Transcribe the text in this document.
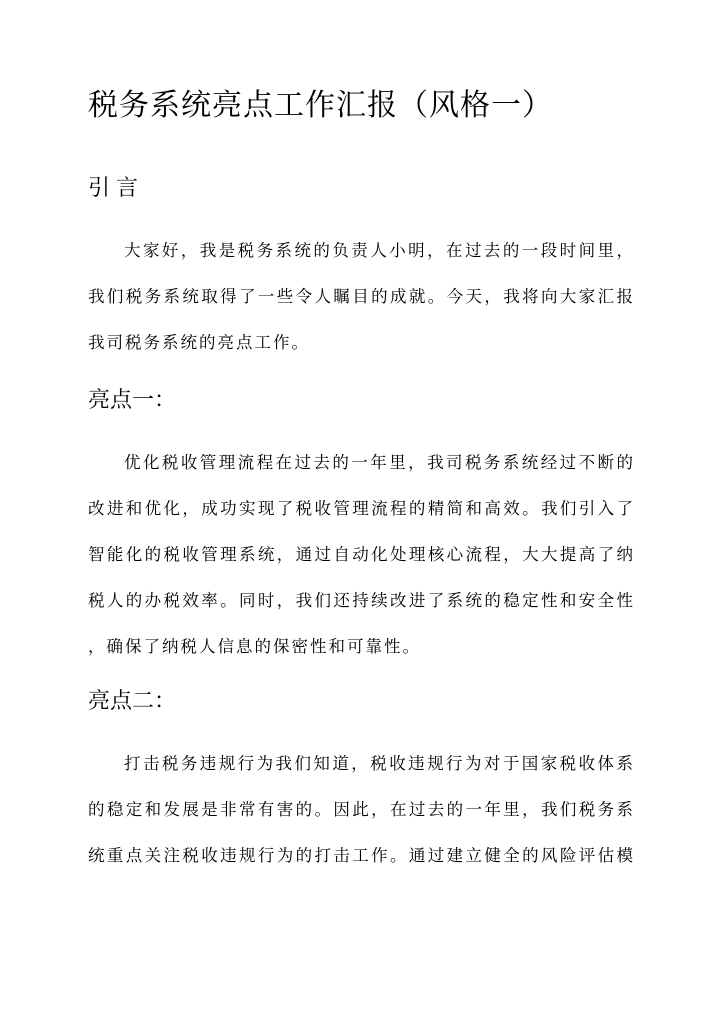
税务系统亮点工作汇报（风格一）
引言
大家好，我是税务系统的负责人小明，在过去的一段时间里，
我们税务系统取得了一些令人瞩目的成就。今天，我将向大家汇报
我司税务系统的亮点工作。
亮点一：
优化税收管理流程在过去的一年里，我司税务系统经过不断的
改进和优化，成功实现了税收管理流程的精简和高效。我们引入了
智能化的税收管理系统，通过自动化处理核心流程，大大提高了纳
税人的办税效率。同时，我们还持续改进了系统的稳定性和安全性
，确保了纳税人信息的保密性和可靠性。
亮点二：
打击税务违规行为我们知道，税收违规行为对于国家税收体系
的稳定和发展是非常有害的。因此，在过去的一年里，我们税务系
统重点关注税收违规行为的打击工作。通过建立健全的风险评估模
